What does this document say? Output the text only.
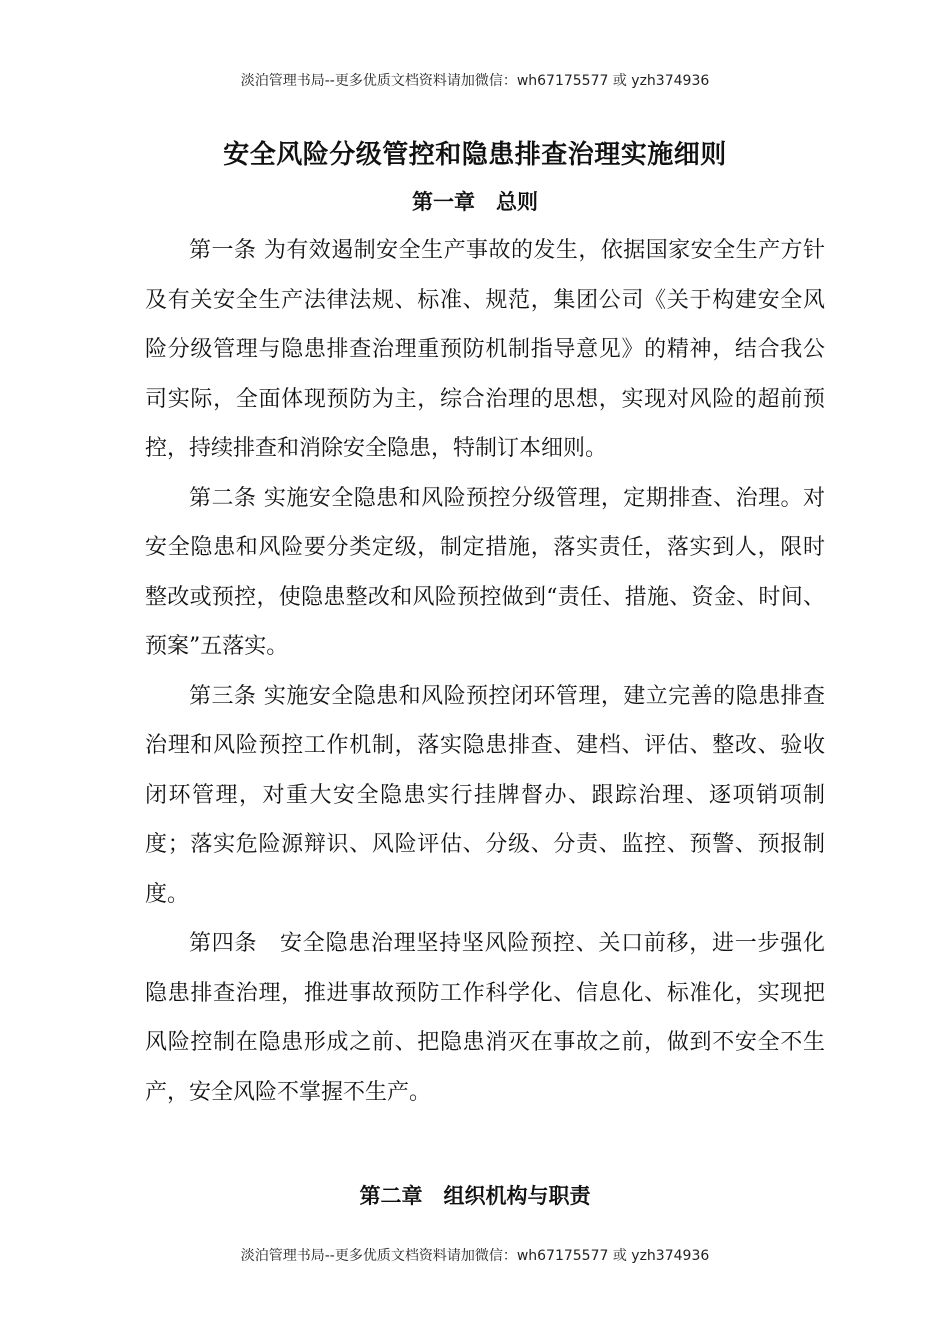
淡泊管理书局--更多优质文档资料请加微信：wh67175577 或 yzh374936
安全风险分级管控和隐患排查治理实施细则
第一章　总则

第一条 为有效遏制安全生产事故的发生，依据国家安全生产方针及有关安全生产法律法规、标准、规范，集团公司《关于构建安全风险分级管理与隐患排查治理重预防机制指导意见》的精神，结合我公司实际，全面体现预防为主，综合治理的思想，实现对风险的超前预控，持续排查和消除安全隐患，特制订本细则。

第二条 实施安全隐患和风险预控分级管理，定期排查、治理。对安全隐患和风险要分类定级，制定措施，落实责任，落实到人，限时整改或预控，使隐患整改和风险预控做到“责任、措施、资金、时间、预案”五落实。

第三条 实施安全隐患和风险预控闭环管理，建立完善的隐患排查治理和风险预控工作机制，落实隐患排查、建档、评估、整改、验收闭环管理，对重大安全隐患实行挂牌督办、跟踪治理、逐项销项制度；落实危险源辩识、风险评估、分级、分责、监控、预警、预报制度。

第四条　安全隐患治理坚持坚风险预控、关口前移，进一步强化隐患排查治理，推进事故预防工作科学化、信息化、标准化，实现把风险控制在隐患形成之前、把隐患消灭在事故之前，做到不安全不生产，安全风险不掌握不生产。

第二章　组织机构与职责
淡泊管理书局--更多优质文档资料请加微信：wh67175577 或 yzh374936
